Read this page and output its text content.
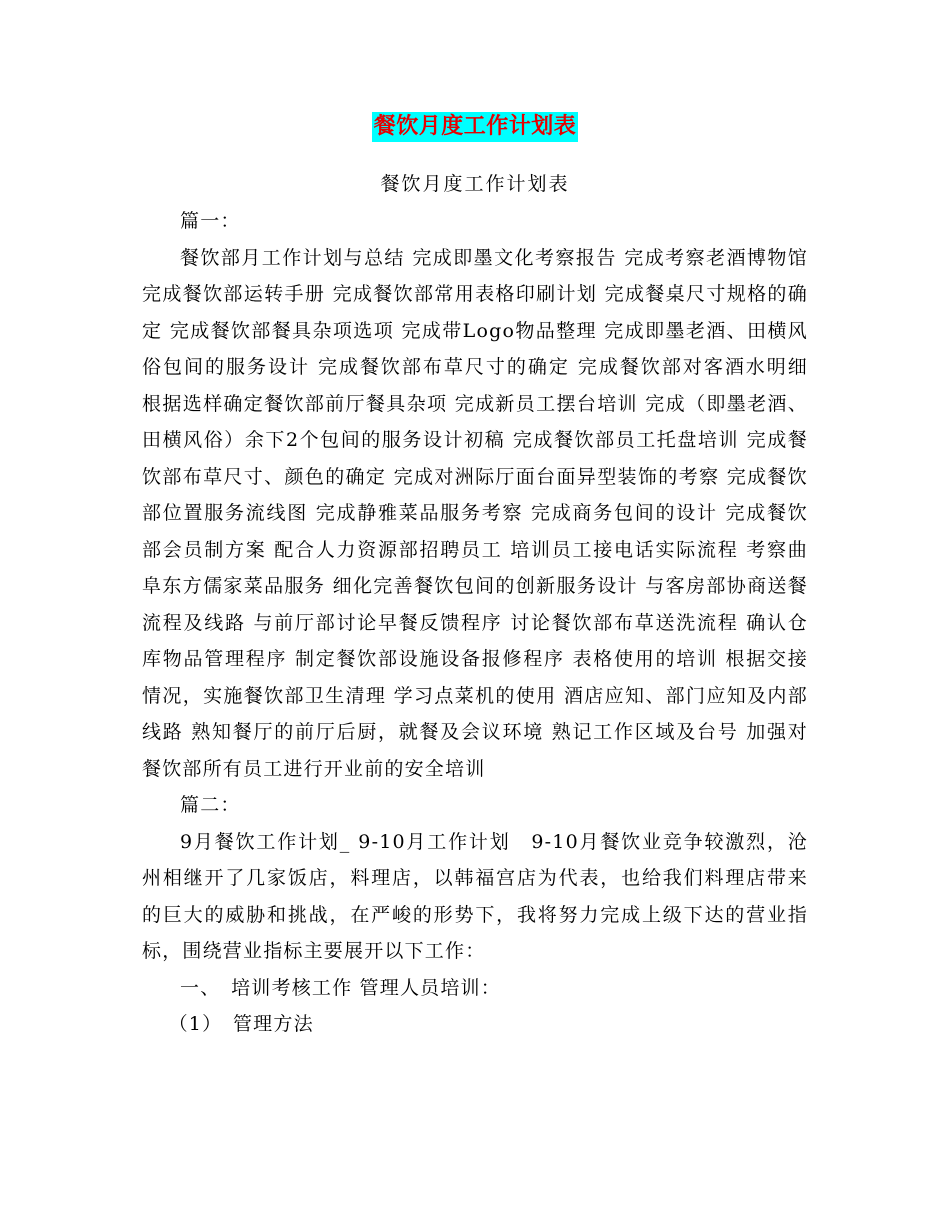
餐饮月度工作计划表
餐饮月度工作计划表

篇一：

餐饮部月工作计划与总结 完成即墨文化考察报告 完成考察老酒博物馆 完成餐饮部运转手册 完成餐饮部常用表格印刷计划 完成餐桌尺寸规格的确定 完成餐饮部餐具杂项选项 完成带Logo物品整理 完成即墨老酒、田横风俗包间的服务设计 完成餐饮部布草尺寸的确定 完成餐饮部对客酒水明细 根据选样确定餐饮部前厅餐具杂项 完成新员工摆台培训 完成（即墨老酒、田横风俗）余下2个包间的服务设计初稿 完成餐饮部员工托盘培训 完成餐饮部布草尺寸、颜色的确定 完成对洲际厅面台面异型装饰的考察 完成餐饮部位置服务流线图 完成静雅菜品服务考察 完成商务包间的设计 完成餐饮部会员制方案 配合人力资源部招聘员工 培训员工接电话实际流程 考察曲阜东方儒家菜品服务 细化完善餐饮包间的创新服务设计 与客房部协商送餐流程及线路 与前厅部讨论早餐反馈程序 讨论餐饮部布草送洗流程 确认仓库物品管理程序 制定餐饮部设施设备报修程序 表格使用的培训 根据交接情况，实施餐饮部卫生清理 学习点菜机的使用 酒店应知、部门应知及内部线路 熟知餐厅的前厅后厨，就餐及会议环境 熟记工作区域及台号 加强对餐饮部所有员工进行开业前的安全培训

篇二：

9月餐饮工作计划_ 9-10月工作计划　9-10月餐饮业竞争较激烈，沧州相继开了几家饭店，料理店，以韩福宫店为代表，也给我们料理店带来的巨大的威胁和挑战，在严峻的形势下，我将努力完成上级下达的营业指标，围绕营业指标主要展开以下工作：

一、　培训考核工作 管理人员培训：

（1）　管理方法
